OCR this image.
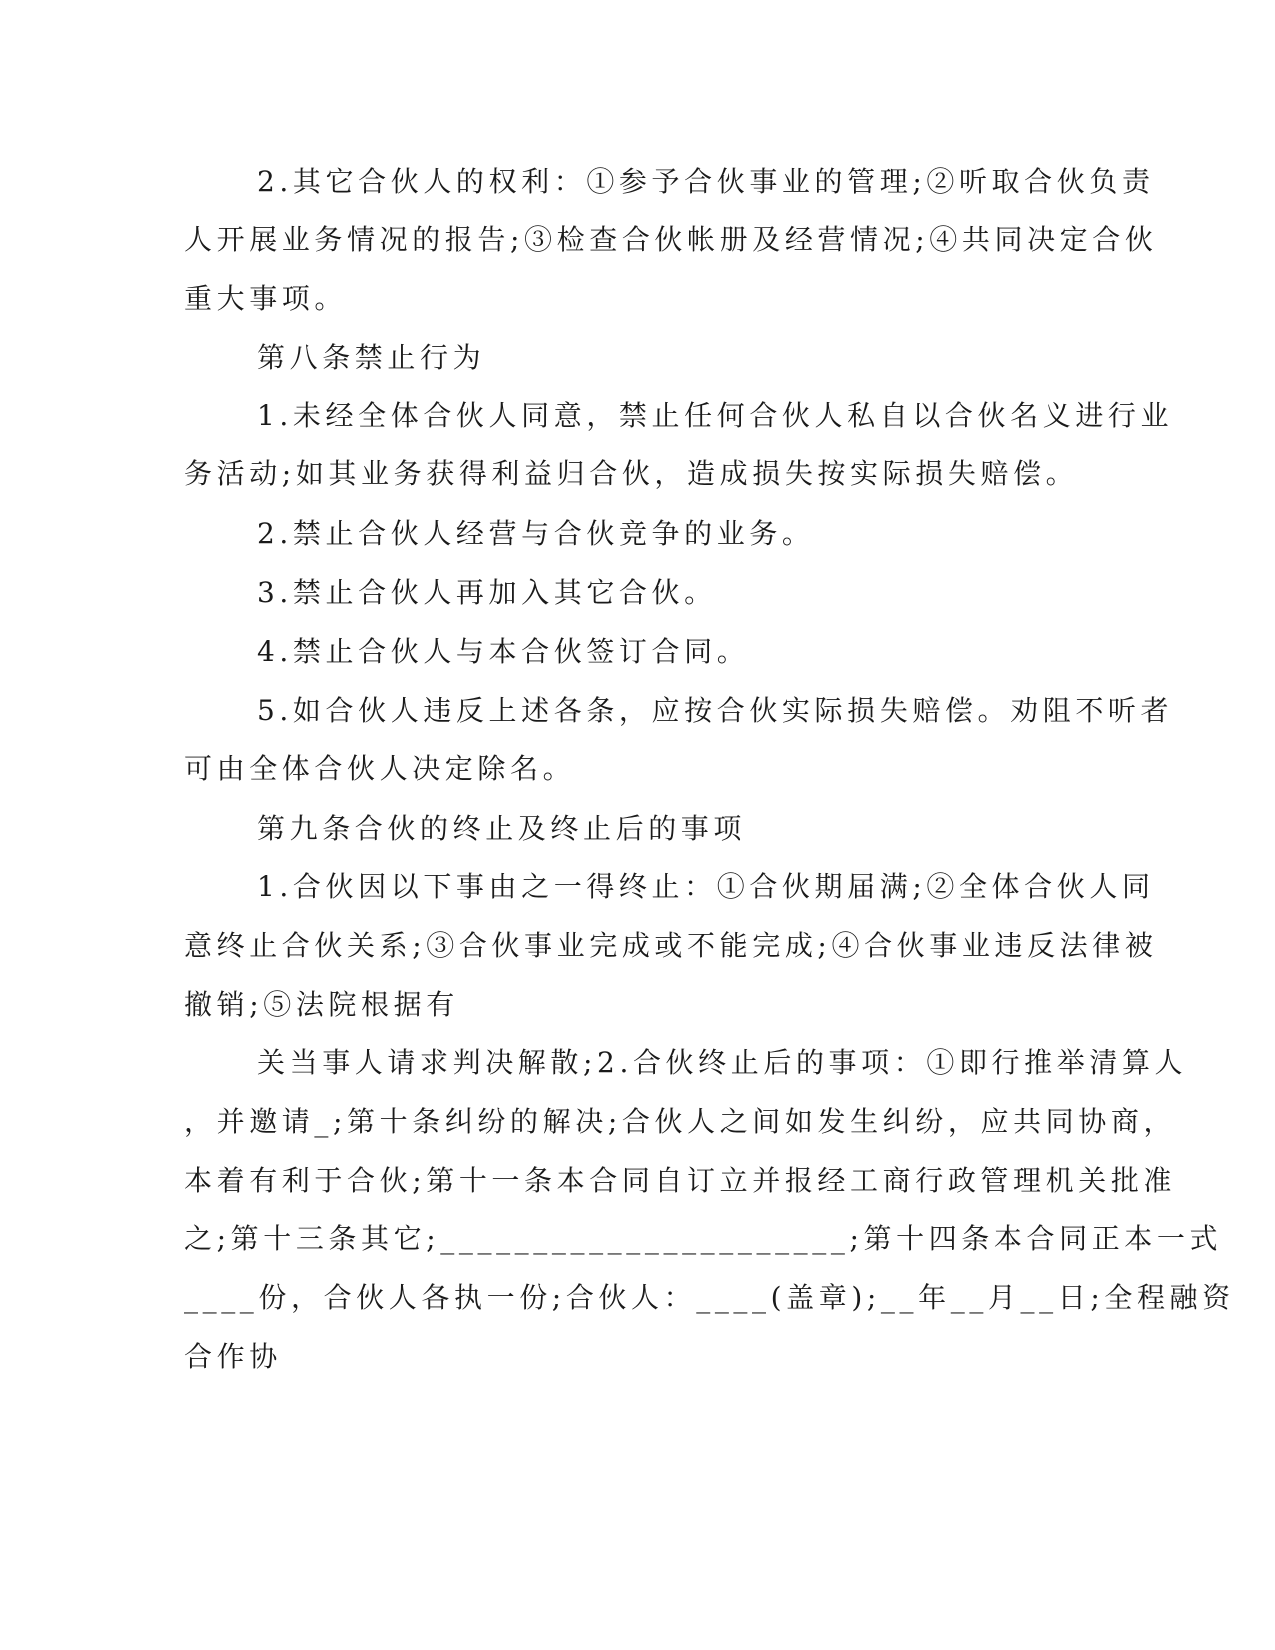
2.其它合伙人的权利：①参予合伙事业的管理;②听取合伙负责
人开展业务情况的报告;③检查合伙帐册及经营情况;④共同决定合伙
重大事项。
第八条禁止行为
1.未经全体合伙人同意，禁止任何合伙人私自以合伙名义进行业
务活动;如其业务获得利益归合伙，造成损失按实际损失赔偿。
2.禁止合伙人经营与合伙竞争的业务。
3.禁止合伙人再加入其它合伙。
4.禁止合伙人与本合伙签订合同。
5.如合伙人违反上述各条，应按合伙实际损失赔偿。劝阻不听者
可由全体合伙人决定除名。
第九条合伙的终止及终止后的事项
1.合伙因以下事由之一得终止：①合伙期届满;②全体合伙人同
意终止合伙关系;③合伙事业完成或不能完成;④合伙事业违反法律被
撤销;⑤法院根据有
关当事人请求判决解散;2.合伙终止后的事项：①即行推举清算人
，并邀请_;第十条纠纷的解决;合伙人之间如发生纠纷，应共同协商，
本着有利于合伙;第十一条本合同自订立并报经工商行政管理机关批准
之;第十三条其它;______________________;第十四条本合同正本一式
____份，合伙人各执一份;合伙人：____(盖章);__年__月__日;全程融资
合作协
